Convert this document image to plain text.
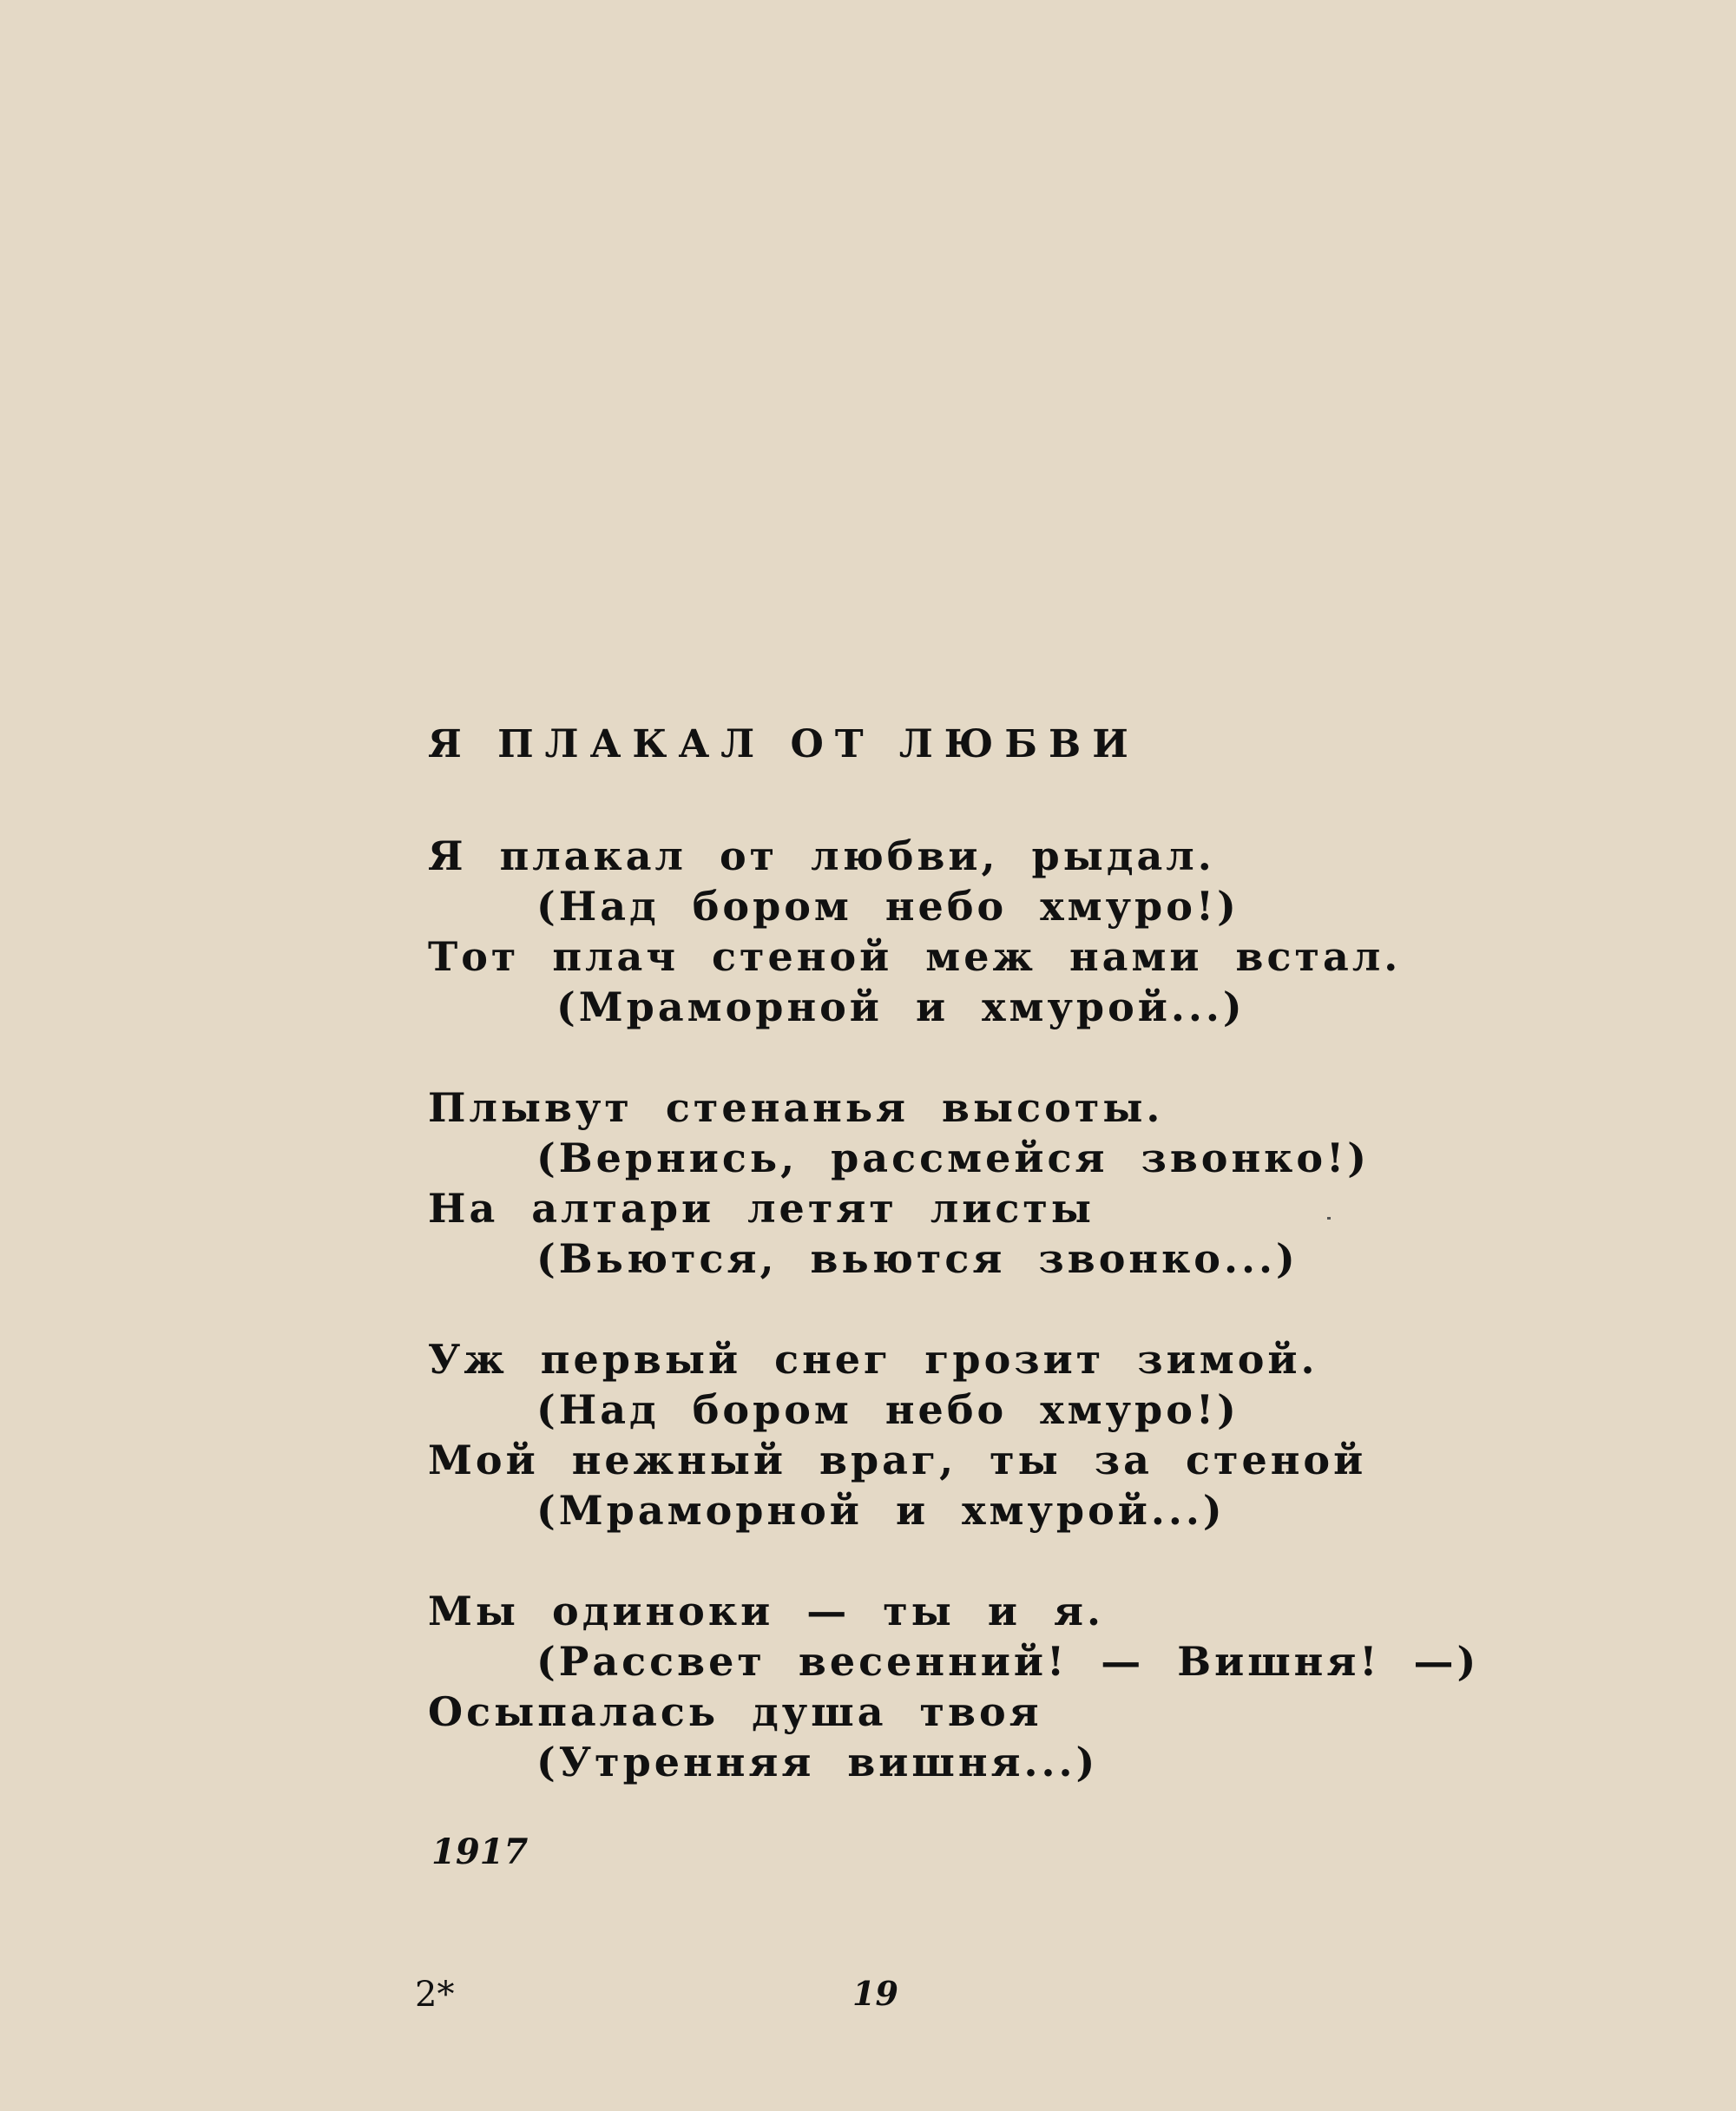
Я ПЛАКАЛ ОТ ЛЮБВИ
Я плакал от любви, рыдал.
(Над бором небо хмуро!)
Тот плач стеной меж нами встал.
(Мраморной и хмурой...)
Плывут стенанья высоты.
(Вернись, рассмейся звонко!)
На алтари летят листы
(Вьются, вьются звонко...)
Уж первый снег грозит зимой.
(Над бором небо хмуро!)
Мой нежный враг, ты за стеной
(Мраморной и хмурой...)
Мы одиноки — ты и я.
(Рассвет весенний! — Вишня! —)
Осыпалась душа твоя
(Утренняя вишня...)
1917
2*	19
